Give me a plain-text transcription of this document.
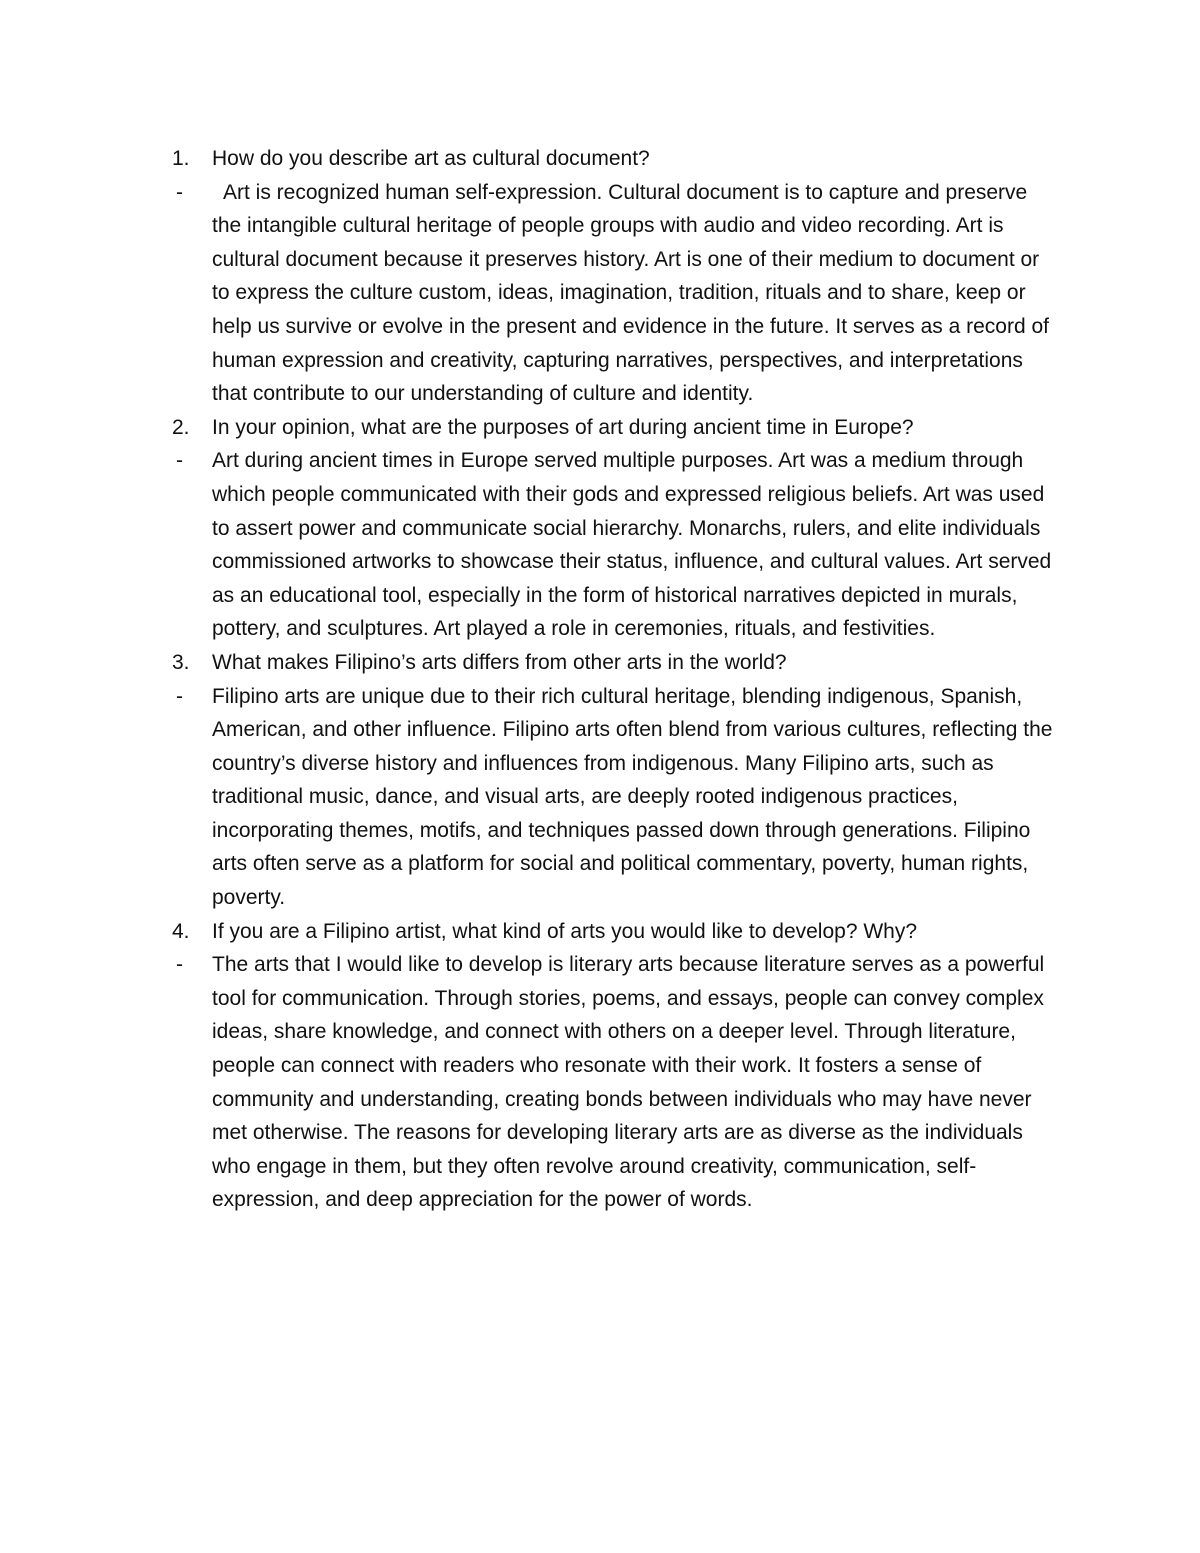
1.	How do you describe art as cultural document?
-	Art is recognized human self-expression. Cultural document is to capture and preserve the intangible cultural heritage of people groups with audio and video recording. Art is cultural document because it preserves history. Art is one of their medium to document or to express the culture custom, ideas, imagination, tradition, rituals and to share, keep or help us survive or evolve in the present and evidence in the future. It serves as a record of human expression and creativity, capturing narratives, perspectives, and interpretations that contribute to our understanding of culture and identity.
2.	In your opinion, what are the purposes of art during ancient time in Europe?
-	Art during ancient times in Europe served multiple purposes. Art was a medium through which people communicated with their gods and expressed religious beliefs. Art was used to assert power and communicate social hierarchy. Monarchs, rulers, and elite individuals commissioned artworks to showcase their status, influence, and cultural values. Art served as an educational tool, especially in the form of historical narratives depicted in murals, pottery, and sculptures. Art played a role in ceremonies, rituals, and festivities.
3.	What makes Filipino’s arts differs from other arts in the world?
-	Filipino arts are unique due to their rich cultural heritage, blending indigenous, Spanish, American, and other influence. Filipino arts often blend from various cultures, reflecting the country’s diverse history and influences from indigenous. Many Filipino arts, such as traditional music, dance, and visual arts, are deeply rooted indigenous practices, incorporating themes, motifs, and techniques passed down through generations. Filipino arts often serve as a platform for social and political commentary, poverty, human rights, poverty.
4.	If you are a Filipino artist, what kind of arts you would like to develop? Why?
-	The arts that I would like to develop is literary arts because literature serves as a powerful tool for communication. Through stories, poems, and essays, people can convey complex ideas, share knowledge, and connect with others on a deeper level. Through literature, people can connect with readers who resonate with their work. It fosters a sense of community and understanding, creating bonds between individuals who may have never met otherwise. The reasons for developing literary arts are as diverse as the individuals who engage in them, but they often revolve around creativity, communication, self-expression, and deep appreciation for the power of words.
